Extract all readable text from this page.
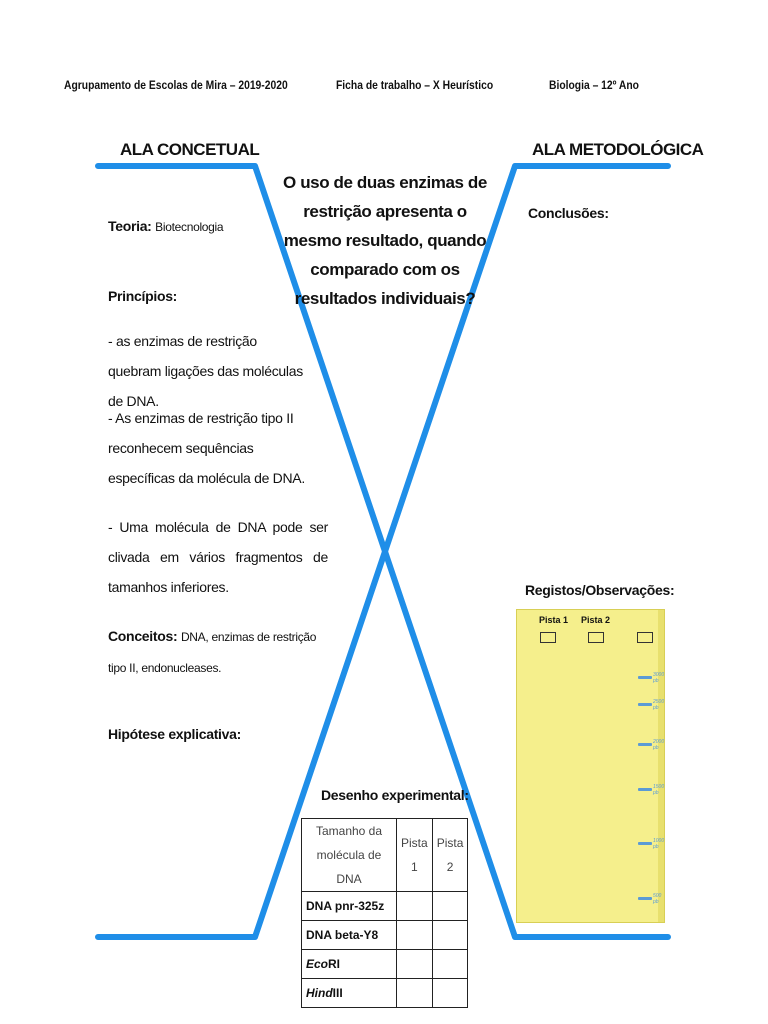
Agrupamento de Escolas de Mira – 2019-2020	Ficha de trabalho – X Heurístico	Biologia – 12º Ano
ALA CONCETUAL	ALA METODOLÓGICA
O uso de duas enzimas de restrição apresenta o mesmo resultado, quando comparado com os resultados individuais?
Teoria: Biotecnologia
Princípios:
- as enzimas de restrição quebram ligações das moléculas de DNA.
- As enzimas de restrição tipo II reconhecem sequências específicas da molécula de DNA.
- Uma molécula de DNA pode ser clivada em vários fragmentos de tamanhos inferiores.
Conceitos: DNA, enzimas de restrição tipo II, endonucleases.
Hipótese explicativa:
Conclusões:
Registos/Observações:
Pista 1 Pista 2
3000 pb
2500 pb
2000 pb
1500 pb
1000 pb
500 pb
Desenho experimental:
Tamanho da molécula de DNA	Pista 1	Pista 2
DNA pnr-325z		
DNA beta-Y8		
EcoRI		
HindIII		
